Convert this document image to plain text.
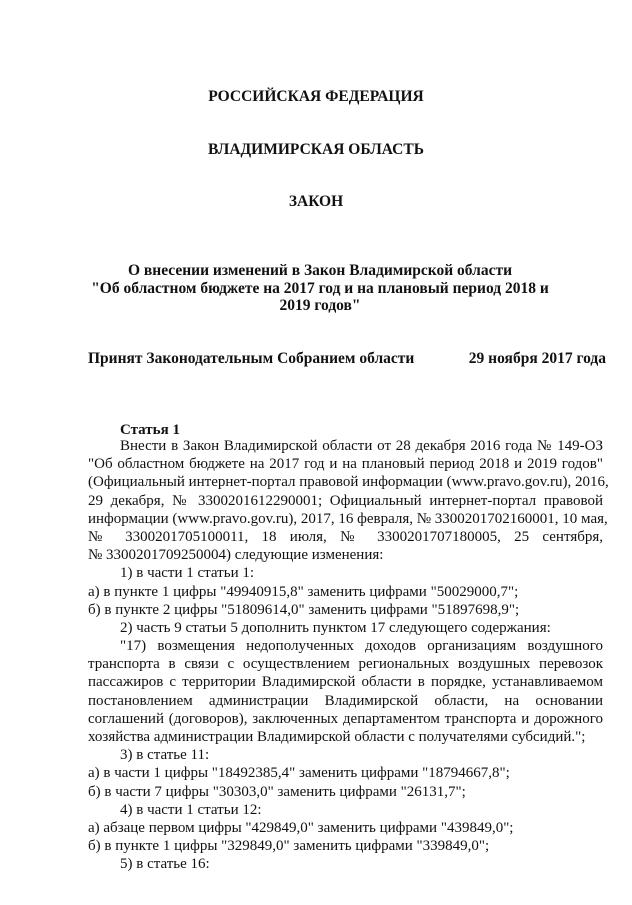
РОССИЙСКАЯ ФЕДЕРАЦИЯ
ВЛАДИМИРСКАЯ ОБЛАСТЬ
ЗАКОН
О внесении изменений в Закон Владимирской области
"Об областном бюджете на 2017 год и на плановый период 2018 и
2019 годов"
Принят Законодательным Собранием области	29 ноября 2017 года
Статья 1
Внести в Закон Владимирской области от 28 декабря 2016 года № 149-ОЗ
"Об областном бюджете на 2017 год и на плановый период 2018 и 2019 годов"
(Официальный интернет-портал правовой информации (www.pravo.gov.ru), 2016,
29 декабря, № 3300201612290001; Официальный интернет-портал правовой
информации (www.pravo.gov.ru), 2017, 16 февраля, № 3300201702160001, 10 мая,
№ 3300201705100011, 18 июля, № 3300201707180005, 25 сентября,
№ 3300201709250004) следующие изменения:
1) в части 1 статьи 1:
а) в пункте 1 цифры "49940915,8" заменить цифрами "50029000,7";
б) в пункте 2 цифры "51809614,0" заменить цифрами "51897698,9";
2) часть 9 статьи 5 дополнить пунктом 17 следующего содержания:
"17) возмещения недополученных доходов организациям воздушного
транспорта в связи с осуществлением региональных воздушных перевозок
пассажиров с территории Владимирской области в порядке, устанавливаемом
постановлением администрации Владимирской области, на основании
соглашений (договоров), заключенных департаментом транспорта и дорожного
хозяйства администрации Владимирской области с получателями субсидий.";
3) в статье 11:
а) в части 1 цифры "18492385,4" заменить цифрами "18794667,8";
б) в части 7 цифры "30303,0" заменить цифрами "26131,7";
4) в части 1 статьи 12:
а) абзаце первом цифры "429849,0" заменить цифрами "439849,0";
б) в пункте 1 цифры "329849,0" заменить цифрами "339849,0";
5) в статье 16:
